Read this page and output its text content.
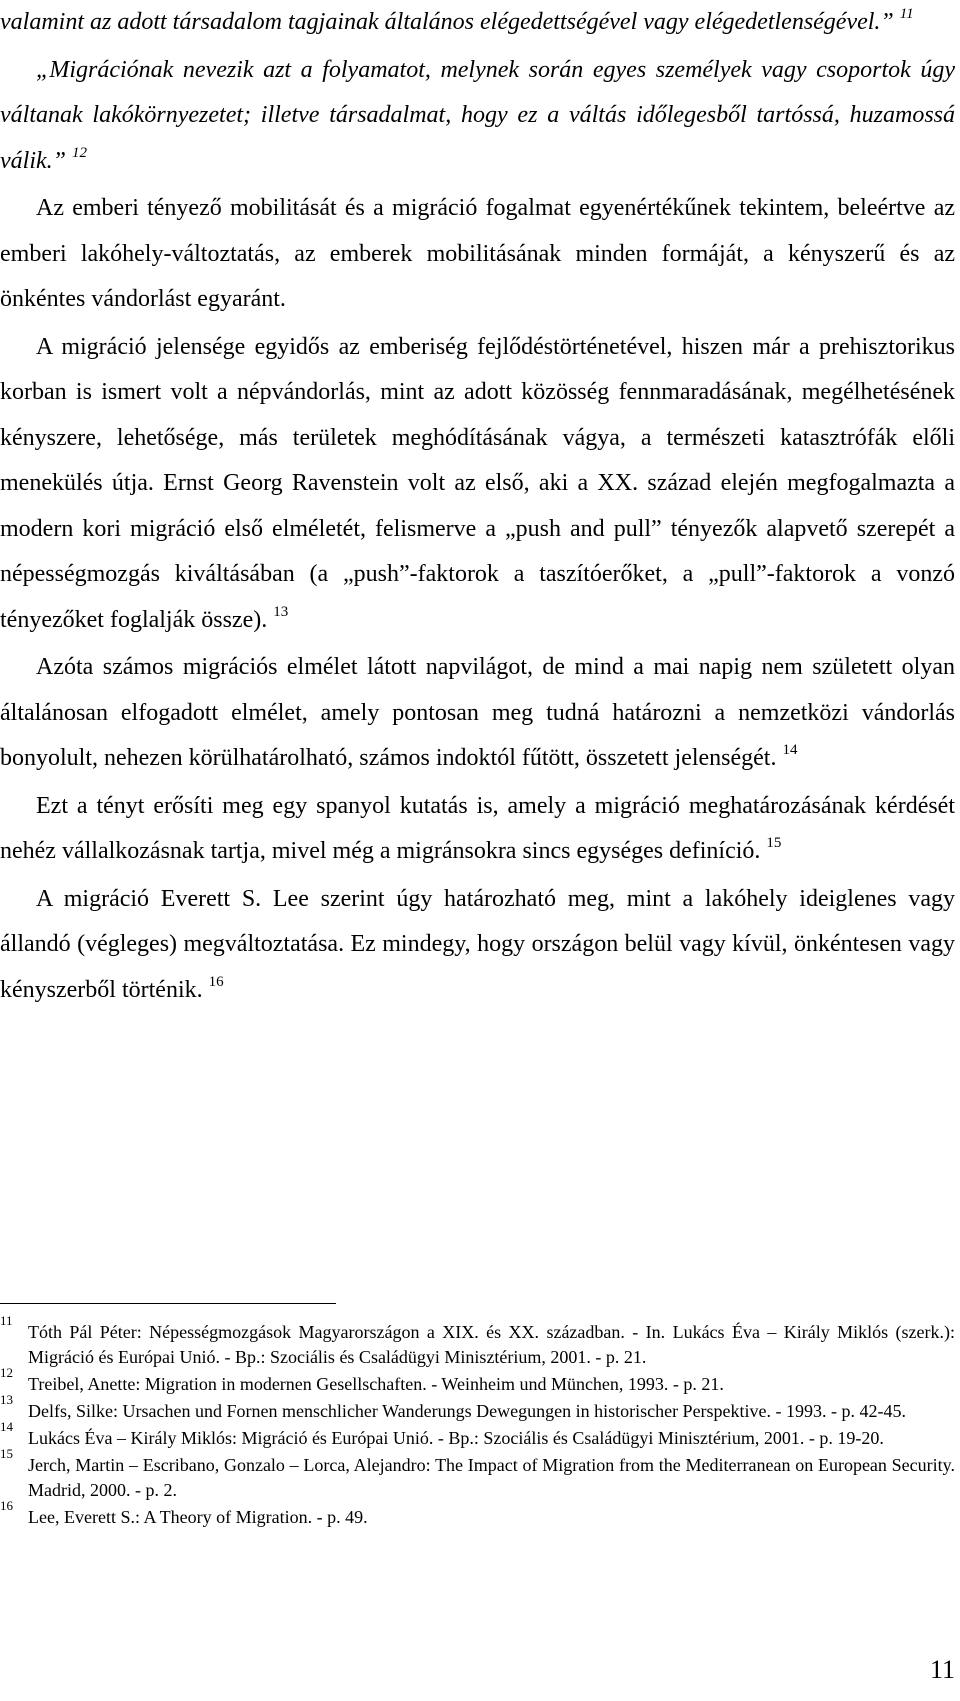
valamint az adott társadalom tagjainak általános elégedettségével vagy elégedetlenségével.” $^{11}$

„Migrációnak nevezik azt a folyamatot, melynek során egyes személyek vagy csoportok úgy váltanak lakókörnyezetet; illetve társadalmat, hogy ez a váltás időlegesből tartóssá, huzamossá válik.” $^{12}$

Az emberi tényező mobilitását és a migráció fogalmat egyenértékűnek tekintem, beleértve az emberi lakóhely-változtatás, az emberek mobilitásának minden formáját, a kényszerű és az önkéntes vándorlást egyaránt.

A migráció jelensége egyidős az emberiség fejlődéstörténetével, hiszen már a prehisztorikus korban is ismert volt a népvándorlás, mint az adott közösség fennmaradásának, megélhetésének kényszere, lehetősége, más területek meghódításának vágya, a természeti katasztrófák előli menekülés útja. Ernst Georg Ravenstein volt az első, aki a XX. század elején megfogalmazta a modern kori migráció első elméletét, felismerve a „push and pull” tényezők alapvető szerepét a népességmozgás kiváltásában (a „push”-faktorok a taszítóerőket, a „pull”-faktorok a vonzó tényezőket foglalják össze). $^{13}$

Azóta számos migrációs elmélet látott napvilágot, de mind a mai napig nem született olyan általánosan elfogadott elmélet, amely pontosan meg tudná határozni a nemzetközi vándorlás bonyolult, nehezen körülhatárolható, számos indoktól fűtött, összetett jelenségét. $^{14}$

Ezt a tényt erősíti meg egy spanyol kutatás is, amely a migráció meghatározásának kérdését nehéz vállalkozásnak tartja, mivel még a migránsokra sincs egységes definíció. $^{15}$

A migráció Everett S. Lee szerint úgy határozható meg, mint a lakóhely ideiglenes vagy állandó (végleges) megváltoztatása. Ez mindegy, hogy országon belül vagy kívül, önkéntesen vagy kényszerből történik. $^{16}$

11
Tóth Pál Péter: Népességmozgások Magyarországon a XIX. és XX. században. - In. Lukács Éva – Király Miklós (szerk.): Migráció és Európai Unió. - Bp.: Szociális és Családügyi Minisztérium, 2001. - p. 21.
12
Treibel, Anette: Migration in modernen Gesellschaften. - Weinheim und München, 1993. - p. 21.
13
Delfs, Silke: Ursachen und Fornen menschlicher Wanderungs Dewegungen in historischer Perspektive. - 1993. - p. 42-45.
14
Lukács Éva – Király Miklós: Migráció és Európai Unió. - Bp.: Szociális és Családügyi Minisztérium, 2001. - p. 19-20.
15
Jerch, Martin – Escribano, Gonzalo – Lorca, Alejandro: The Impact of Migration from the Mediterranean on European Security. Madrid, 2000. - p. 2.
16
Lee, Everett S.: A Theory of Migration. - p. 49.
11
